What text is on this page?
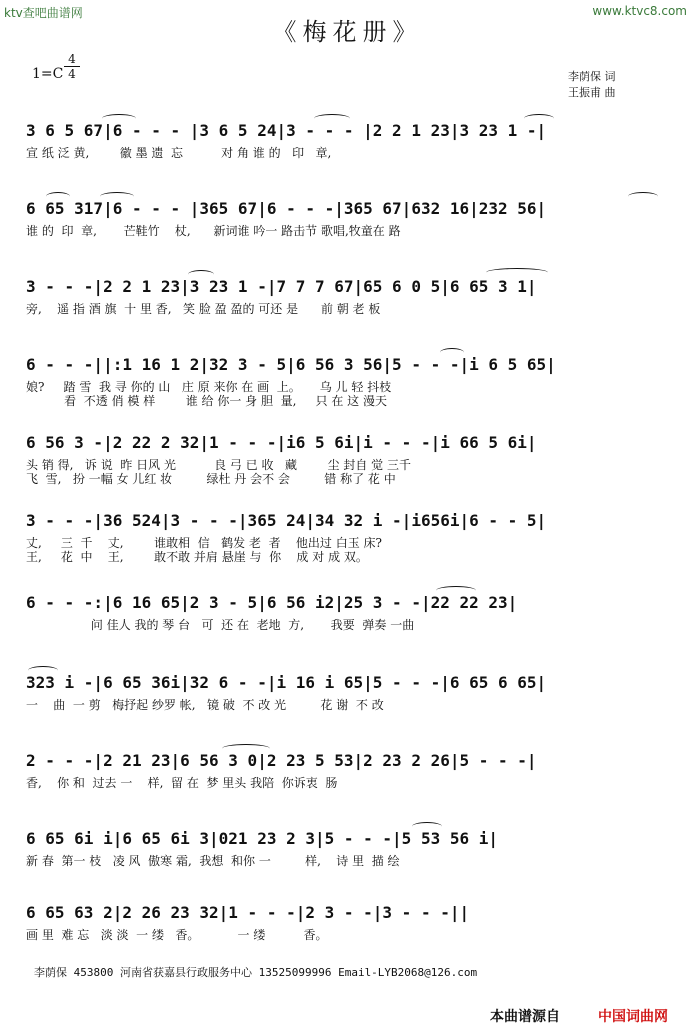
ktv查吧曲谱网	www.ktvc8.com
《梅花册》
1=C
4
4	李荫保 词
王振甫 曲
3 6 5 67|6 - - - |3 6 5 24|3 - - - |2 2 1 23|3 23 1 -|
宣 纸 泛 黄,        徽 墨 遗  忘          对 角 谁 的   印   章,
6 65 317|6 - - - |365 67|6 - - -|365 67|632 16|232 56|
谁 的  印  章,       芒鞋竹    杖,      新词谁 吟一 路击节 歌唱,牧童在 路
3 - - -|2 2 1 23|3 23 1 -|7 7 7 67|65 6 0 5|6 65 3 1|
旁,    遥 指 酒 旗  十 里 香,   笑 脸 盈 盈的 可还 是      前 朝 老 板
6 - - -||:1 16 1 2|32 3 - 5|6 56 3 56|5 - - -|i 6 5 65|
娘?     踏 雪  我 寻 你的 山   庄 原 来你 在 画  上。     乌 儿 轻 抖枝
看  不透 俏 模 样        谁 给 你一 身 胆  量,     只 在 这 漫天
6 56 3 -|2 22 2 32|1 - - -|i6 5 6i|i - - -|i 66 5 6i|
头 销 得,   诉 说  昨 日风 光          良 弓 已 收   藏        尘 封自 觉 三千
飞  雪,   扮 一幅 女 儿红 妆         绿杜 丹 会不 会         错 称了 花 中
3 - - -|36 524|3 - - -|365 24|34 32 i -|i656i|6 - - 5|
丈,     三  千    丈,        谁敢相  信   鹤发 老  者    他出过 白玉 床?
王,     花  中    王,        敢不敢 并肩 悬崖 与  你    成 对 成 双。
6 - - -:|6 16 65|2 3 - 5|6 56 i2|25 3 - -|22 22 23|
问 佳人 我的 琴 台   可  还 在  老地  方,       我要  弹奏 一曲
323 i -|6 65 36i|32 6 - -|i 16 i 65|5 - - -|6 65 6 65|
一    曲  一 剪   梅抒起 纱罗 帐,   镜 破  不 改 光         花 谢  不 改
2 - - -|2 21 23|6 56 3 0|2 23 5 53|2 23 2 26|5 - - -|
香,    你 和  过去 一    样,  留 在  梦 里头 我陪  你诉衷  肠
6 65 6i i|6 65 6i 3|021 23 2 3|5 - - -|5 53 56 i|
新 春  第一 枝   凌 风  傲寒 霜,  我想  和你 一         样,    诗 里  描 绘
6 65 63 2|2 26 23 32|1 - - -|2 3 - -|3 - - -||
画 里  难 忘   淡 淡  一 缕   香。          一 缕          香。
李荫保 453800 河南省获嘉县行政服务中心 13525099996 Email-LYB2068@126.com
本曲谱源自	中国词曲网
